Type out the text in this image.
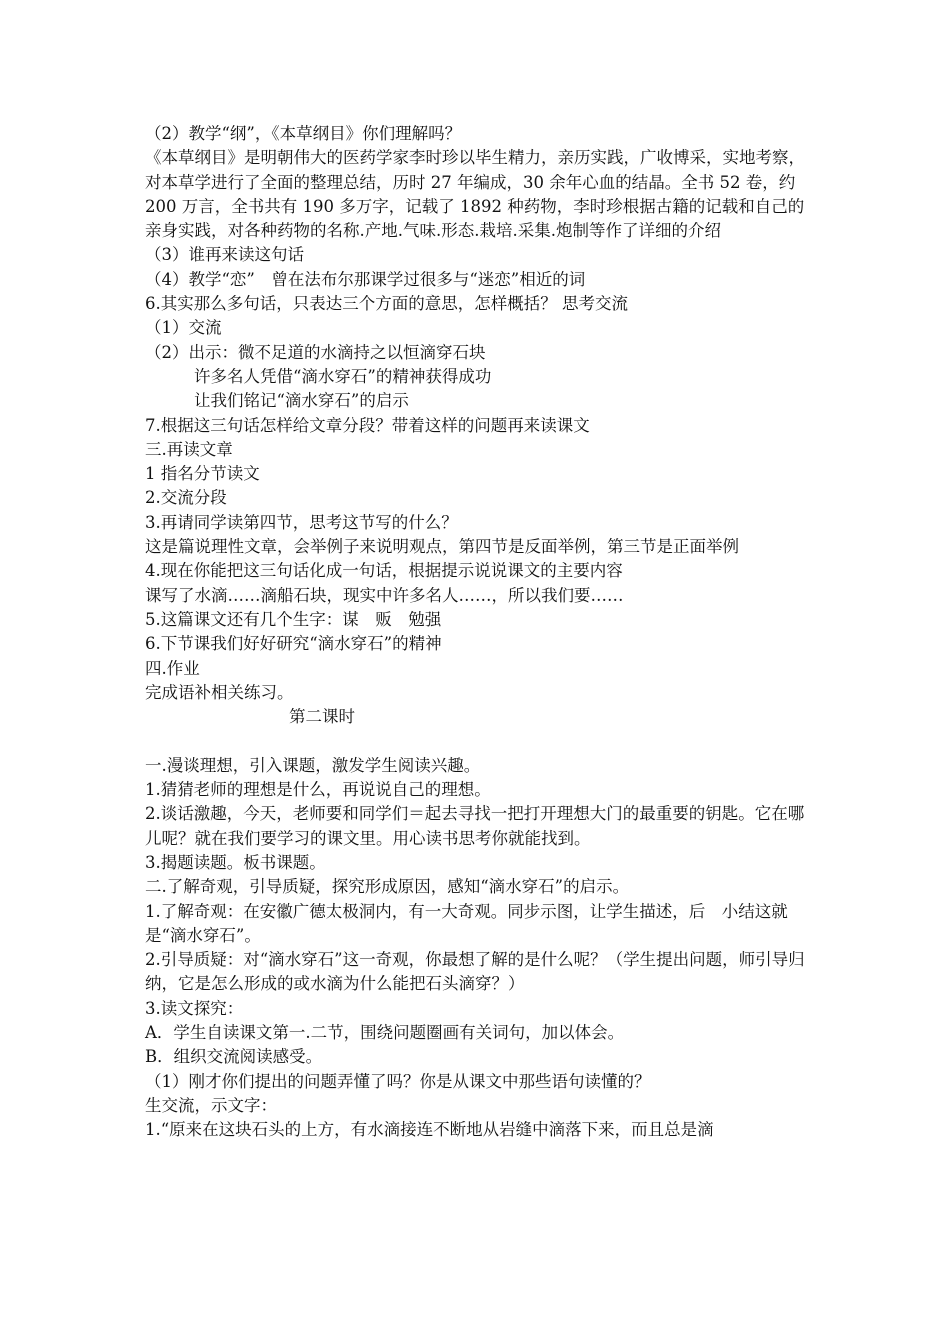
（2）教学“纲”，《本草纲目》你们理解吗？

《本草纲目》是明朝伟大的医药学家李时珍以毕生精力，亲历实践，广收博采，实地考察，对本草学进行了全面的整理总结，历时 27 年编成，30 余年心血的结晶。全书 52 卷，约 200 万言，全书共有 190 多万字，记载了 1892 种药物，李时珍根据古籍的记载和自己的亲身实践，对各种药物的名称.产地.气味.形态.栽培.采集.炮制等作了详细的介绍

（3）谁再来读这句话

（4）教学“恋”　曾在法布尔那课学过很多与“迷恋”相近的词

6.其实那么多句话，只表达三个方面的意思，怎样概括？ 思考交流

（1）交流

（2）出示：微不足道的水滴持之以恒滴穿石块

许多名人凭借“滴水穿石”的精神获得成功

让我们铭记“滴水穿石”的启示

7.根据这三句话怎样给文章分段？带着这样的问题再来读课文

三.再读文章

1 指名分节读文

2.交流分段

3.再请同学读第四节，思考这节写的什么？

这是篇说理性文章，会举例子来说明观点，第四节是反面举例，第三节是正面举例

4.现在你能把这三句话化成一句话，根据提示说说课文的主要内容

课写了水滴……滴船石块，现实中许多名人……，所以我们要……

5.这篇课文还有几个生字：谋　贩　勉强

6.下节课我们好好研究“滴水穿石”的精神

四.作业

完成语补相关练习。

第二课时

一.漫谈理想，引入课题，激发学生阅读兴趣。

1.猜猜老师的理想是什么，再说说自己的理想。

2.谈话激趣，今天，老师要和同学们＝起去寻找一把打开理想大门的最重要的钥匙。它在哪儿呢？就在我们要学习的课文里。用心读书思考你就能找到。

3.揭题读题。板书课题。

二.了解奇观，引导质疑，探究形成原因，感知“滴水穿石”的启示。

1.了解奇观：在安徽广德太极洞内，有一大奇观。同步示图，让学生描述，后　小结这就是“滴水穿石”。

2.引导质疑：对“滴水穿石”这一奇观，你最想了解的是什么呢？（学生提出问题，师引导归纳，它是怎么形成的或水滴为什么能把石头滴穿？）

3.读文探究：

A．学生自读课文第一.二节，围绕问题圈画有关词句，加以体会。

B．组织交流阅读感受。

（1）刚才你们提出的问题弄懂了吗？你是从课文中那些语句读懂的？

生交流，示文字：

1.“原来在这块石头的上方，有水滴接连不断地从岩缝中滴落下来，而且总是滴
